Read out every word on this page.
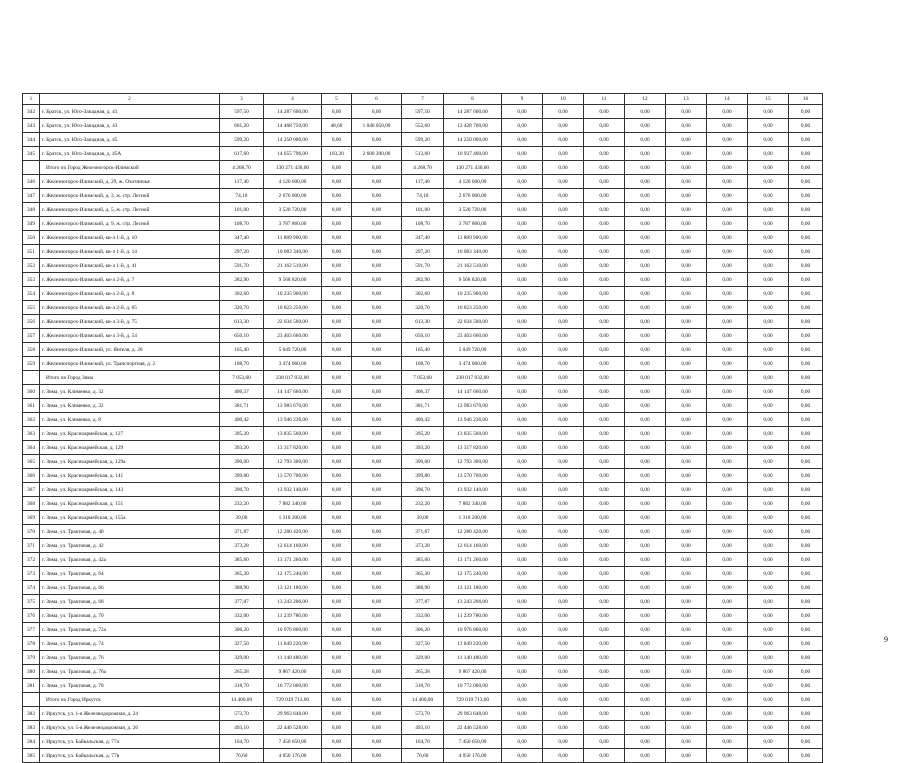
1	2	3	4	5	6	7	8	9	10	11	12	13	14	15	16
342	г. Братск, ул. Юго-Западная, д. 41	597,50	14 287 600,00	0,00	0,00	597,50	14 287 600,00	0,00	0,00	0,00	0,00	0,00	0,00	0,00	0,00
343	г. Братск, ул. Юго-Западная, д. 43	601,20	14 468 750,00	48,60	1 040 050,00	552,60	13 428 700,00	0,00	0,00	0,00	0,00	0,00	0,00	0,00	0,00
344	г. Братск, ул. Юго-Западная, д. 45	599,20	14 250 000,00	0,00	0,00	599,20	14 250 000,00	0,00	0,00	0,00	0,00	0,00	0,00	0,00	0,00
345	г. Братск, ул. Юго-Западная, д. 45А	617,60	14 655 796,00	103,20	2 600 200,00	513,60	10 937 400,00	0,00	0,00	0,00	0,00	0,00	0,00	0,00	0,00
	Итого по Город Железногорск-Илимский	4 268,70	130 271 430,00	0,00	0,00	4 268,70	130 271 430,00	0,00	0,00	0,00	0,00	0,00	0,00	0,00	0,00
346	г. Железногорск-Илимский, д. 29, ж. Охотничья	117,40	4 120 600,00	0,00	0,00	117,40	4 120 600,00	0,00	0,00	0,00	0,00	0,00	0,00	0,00	0,00
347	г. Железногорск-Илимский, д. 3, ж. стр. Лесной	74,10	2 676 000,00	0,00	0,00	74,10	2 676 000,00	0,00	0,00	0,00	0,00	0,00	0,00	0,00	0,00
348	г. Железногорск-Илимский, д. 5, ж. стр. Лесной	101,00	3 520 720,00	0,00	0,00	101,00	3 520 720,00	0,00	0,00	0,00	0,00	0,00	0,00	0,00	0,00
349	г. Железногорск-Илимский, д. 9, ж. стр. Лесной	108,70	3 787 860,00	0,00	0,00	108,70	3 787 860,00	0,00	0,00	0,00	0,00	0,00	0,00	0,00	0,00
350	г. Железногорск-Илимский, кв-л 1-й, д. 10	347,40	11 889 900,00	0,00	0,00	347,40	11 889 900,00	0,00	0,00	0,00	0,00	0,00	0,00	0,00	0,00
351	г. Железногорск-Илимский, кв-л 1-й, д. 14	297,20	10 083 340,00	0,00	0,00	297,20	10 083 340,00	0,00	0,00	0,00	0,00	0,00	0,00	0,00	0,00
352	г. Железногорск-Илимский, кв-л 1-й, д. 41	591,70	21 162 510,00	0,00	0,00	591,70	21 162 510,00	0,00	0,00	0,00	0,00	0,00	0,00	0,00	0,00
353	г. Железногорск-Илимский, кв-л 2-й, д. 7	282,90	9 568 820,00	0,00	0,00	282,90	9 568 820,00	0,00	0,00	0,00	0,00	0,00	0,00	0,00	0,00
354	г. Железногорск-Илимский, кв-л 2-й, д. 8	302,60	10 235 960,00	0,00	0,00	302,60	10 235 960,00	0,00	0,00	0,00	0,00	0,00	0,00	0,00	0,00
355	г. Железногорск-Илимский, кв-л 2-й, д. 65	320,70	10 823 250,00	0,00	0,00	320,70	10 823 250,00	0,00	0,00	0,00	0,00	0,00	0,00	0,00	0,00
356	г. Железногорск-Илимский, кв-л 3-й, д. 75	613,30	22 034 500,00	0,00	0,00	613,30	22 034 500,00	0,00	0,00	0,00	0,00	0,00	0,00	0,00	0,00
357	г. Железногорск-Илимский, кв-л 3-й, д. 54	650,10	23 403 660,00	0,00	0,00	650,10	23 403 660,00	0,00	0,00	0,00	0,00	0,00	0,00	0,00	0,00
358	г. Железногорск-Илимский, ул. Янгеля, д. 20	165,40	5 049 720,00	0,00	0,00	165,40	5 049 720,00	0,00	0,00	0,00	0,00	0,00	0,00	0,00	0,00
359	г. Железногорск-Илимский, ул. Транспортная, д. 2	108,70	3 474 060,00	0,00	0,00	108,70	3 474 060,00	0,00	0,00	0,00	0,00	0,00	0,00	0,00	0,00
	Итого по Город Зима	7 053,60	238 017 032,00	0,00	0,00	7 053,60	238 017 032,00	0,00	0,00	0,00	0,00	0,00	0,00	0,00	0,00
360	г. Зима, ул. Клименко, д. 32	406,37	14 147 660,00	0,00	0,00	406,37	14 147 660,00	0,00	0,00	0,00	0,00	0,00	0,00	0,00	0,00
361	г. Зима, ул. Клименко, д. 32	381,71	13 983 670,00	0,00	0,00	381,71	13 983 670,00	0,00	0,00	0,00	0,00	0,00	0,00	0,00	0,00
362	г. Зима, ул. Клименко, д. 8	400,42	13 946 236,00	0,00	0,00	400,42	13 946 236,00	0,00	0,00	0,00	0,00	0,00	0,00	0,00	0,00
363	г. Зима, ул. Красноармейская, д. 127	395,20	13 835 560,00	0,00	0,00	395,20	13 835 560,00	0,00	0,00	0,00	0,00	0,00	0,00	0,00	0,00
364	г. Зима, ул. Красноармейская, д. 129	393,20	13 317 820,00	0,00	0,00	393,20	13 317 820,00	0,00	0,00	0,00	0,00	0,00	0,00	0,00	0,00
365	г. Зима, ул. Красноармейская, д. 129а	390,00	12 793 300,00	0,00	0,00	390,00	12 793 300,00	0,00	0,00	0,00	0,00	0,00	0,00	0,00	0,00
366	г. Зима, ул. Красноармейская, д. 141	399,80	13 570 700,00	0,00	0,00	399,80	13 570 700,00	0,00	0,00	0,00	0,00	0,00	0,00	0,00	0,00
367	г. Зима, ул. Красноармейская, д. 143	396,70	13 932 140,00	0,00	0,00	396,70	13 932 140,00	0,00	0,00	0,00	0,00	0,00	0,00	0,00	0,00
368	г. Зима, ул. Красноармейская, д. 151	232,20	7 882 340,00	0,00	0,00	232,20	7 882 340,00	0,00	0,00	0,00	0,00	0,00	0,00	0,00	0,00
369	г. Зима, ул. Красноармейская, д. 155а	39,00	1 318 200,00	0,00	0,00	39,00	1 318 200,00	0,00	0,00	0,00	0,00	0,00	0,00	0,00	0,00
370	г. Зима, ул. Трактовая, д. 40	371,87	12 280 420,00	0,00	0,00	371,87	12 280 420,00	0,00	0,00	0,00	0,00	0,00	0,00	0,00	0,00
371	г. Зима, ул. Трактовая, д. 42	373,28	12 614 160,00	0,00	0,00	373,28	12 614 160,00	0,00	0,00	0,00	0,00	0,00	0,00	0,00	0,00
372	г. Зима, ул. Трактовая, д. 42а	385,60	13 171 260,00	0,00	0,00	385,60	13 171 260,00	0,00	0,00	0,00	0,00	0,00	0,00	0,00	0,00
373	г. Зима, ул. Трактовая, д. 64	365,30	12 175 240,00	0,00	0,00	365,30	12 175 240,00	0,00	0,00	0,00	0,00	0,00	0,00	0,00	0,00
374	г. Зима, ул. Трактовая, д. 66	388,90	13 121 180,00	0,00	0,00	388,90	13 121 180,00	0,00	0,00	0,00	0,00	0,00	0,00	0,00	0,00
375	г. Зима, ул. Трактовая, д. 68	377,87	13 243 206,00	0,00	0,00	377,87	13 243 206,00	0,00	0,00	0,00	0,00	0,00	0,00	0,00	0,00
376	г. Зима, ул. Трактовая, д. 70	332,00	11 239 780,00	0,00	0,00	332,00	11 239 780,00	0,00	0,00	0,00	0,00	0,00	0,00	0,00	0,00
377	г. Зима, ул. Трактовая, д. 72а	306,20	10 976 860,00	0,00	0,00	306,20	10 976 860,00	0,00	0,00	0,00	0,00	0,00	0,00	0,00	0,00
378	г. Зима, ул. Трактовая, д. 74	327,50	11 049 220,00	0,00	0,00	327,50	11 049 220,00	0,00	0,00	0,00	0,00	0,00	0,00	0,00	0,00
379	г. Зима, ул. Трактовая, д. 76	329,00	11 140 480,00	0,00	0,00	329,00	11 140 480,00	0,00	0,00	0,00	0,00	0,00	0,00	0,00	0,00
380	г. Зима, ул. Трактовая, д. 76а	265,28	9 867 420,00	0,00	0,00	265,28	9 867 420,00	0,00	0,00	0,00	0,00	0,00	0,00	0,00	0,00
381	г. Зима, ул. Трактовая, д. 78	318,70	10 772 060,00	0,00	0,00	318,70	10 772 060,00	0,00	0,00	0,00	0,00	0,00	0,00	0,00	0,00
	Итого по Город Иркутск	14 400,00	729 019 713,00	0,00	0,00	14 400,00	729 019 713,00	0,00	0,00	0,00	0,00	0,00	0,00	0,00	0,00
382	г. Иркутск, ул. 1-я Железнодорожная, д. 24	573,70	29 963 648,00	0,00	0,00	573,70	29 963 648,00	0,00	0,00	0,00	0,00	0,00	0,00	0,00	0,00
383	г. Иркутск, ул. 5-я Железнодорожная, д. 26	493,10	22 446 528,00	0,00	0,00	493,10	22 446 528,00	0,00	0,00	0,00	0,00	0,00	0,00	0,00	0,00
384	г. Иркутск, ул. Байкальская, д. 77а	164,70	7 450 650,00	0,00	0,00	164,70	7 450 650,00	0,00	0,00	0,00	0,00	0,00	0,00	0,00	0,00
385	г. Иркутск, ул. Байкальская, д. 77в	76,60	4 050 176,00	0,00	0,00	76,60	4 050 176,00	0,00	0,00	0,00	0,00	0,00	0,00	0,00	0,00
9
